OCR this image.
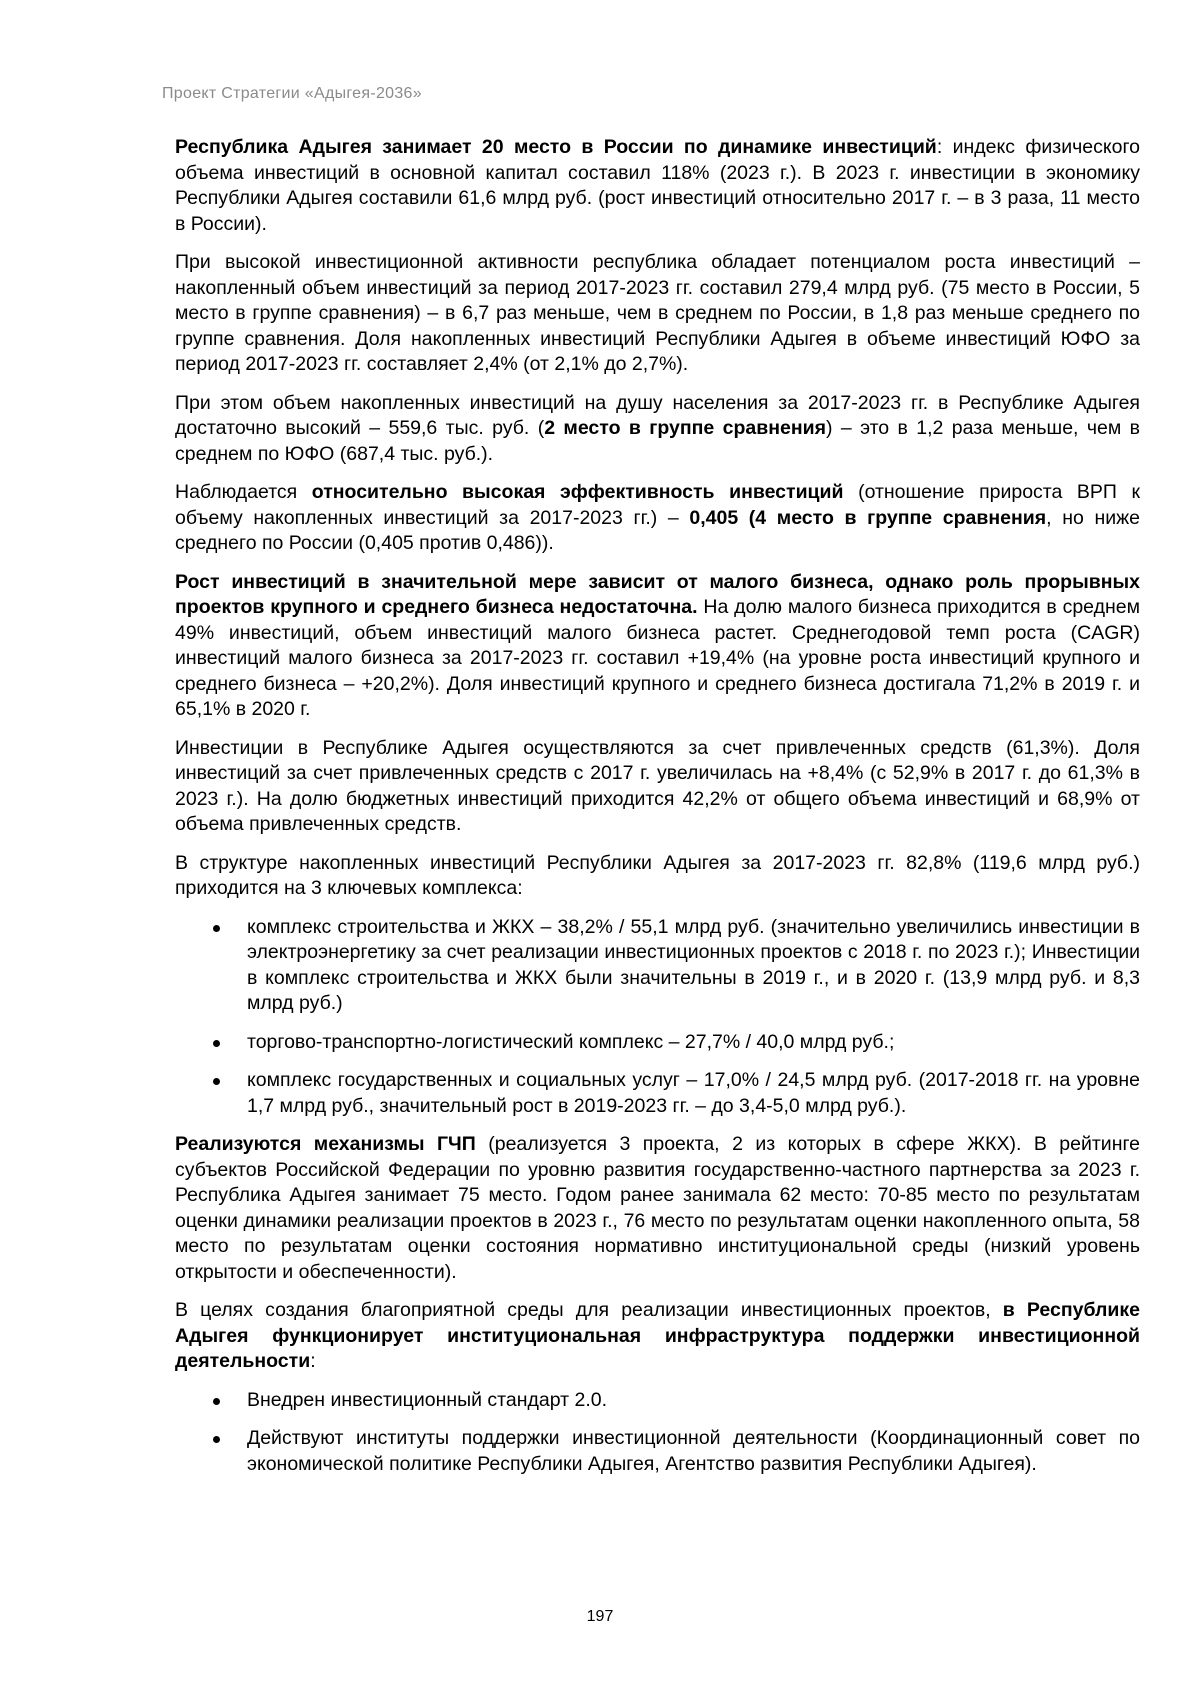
Проект Стратегии «Адыгея-2036»

Республика Адыгея занимает 20 место в России по динамике инвестиций: индекс физического объема инвестиций в основной капитал составил 118% (2023 г.). В 2023 г. инвестиции в экономику Республики Адыгея составили 61,6 млрд руб. (рост инвестиций относительно 2017 г. – в 3 раза, 11 место в России).

При высокой инвестиционной активности республика обладает потенциалом роста инвестиций – накопленный объем инвестиций за период 2017-2023 гг. составил 279,4 млрд руб. (75 место в России, 5 место в группе сравнения) – в 6,7 раз меньше, чем в среднем по России, в 1,8 раз меньше среднего по группе сравнения. Доля накопленных инвестиций Республики Адыгея в объеме инвестиций ЮФО за период 2017-2023 гг. составляет 2,4% (от 2,1% до 2,7%).

При этом объем накопленных инвестиций на душу населения за 2017-2023 гг. в Республике Адыгея достаточно высокий – 559,6 тыс. руб. (2 место в группе сравнения) – это в 1,2 раза меньше, чем в среднем по ЮФО (687,4 тыс. руб.).

Наблюдается относительно высокая эффективность инвестиций (отношение прироста ВРП к объему накопленных инвестиций за 2017-2023 гг.) – 0,405 (4 место в группе сравнения, но ниже среднего по России (0,405 против 0,486)).

Рост инвестиций в значительной мере зависит от малого бизнеса, однако роль прорывных проектов крупного и среднего бизнеса недостаточна. На долю малого бизнеса приходится в среднем 49% инвестиций, объем инвестиций малого бизнеса растет. Среднегодовой темп роста (CAGR) инвестиций малого бизнеса за 2017-2023 гг. составил +19,4% (на уровне роста инвестиций крупного и среднего бизнеса – +20,2%). Доля инвестиций крупного и среднего бизнеса достигала 71,2% в 2019 г. и 65,1% в 2020 г.

Инвестиции в Республике Адыгея осуществляются за счет привлеченных средств (61,3%). Доля инвестиций за счет привлеченных средств с 2017 г. увеличилась на +8,4% (с 52,9% в 2017 г. до 61,3% в 2023 г.). На долю бюджетных инвестиций приходится 42,2% от общего объема инвестиций и 68,9% от объема привлеченных средств.

В структуре накопленных инвестиций Республики Адыгея за 2017-2023 гг. 82,8% (119,6 млрд руб.) приходится на 3 ключевых комплекса:

комплекс строительства и ЖКХ – 38,2% / 55,1 млрд руб. (значительно увеличились инвестиции в электроэнергетику за счет реализации инвестиционных проектов с 2018 г. по 2023 г.); Инвестиции в комплекс строительства и ЖКХ были значительны в 2019 г., и в 2020 г. (13,9 млрд руб. и 8,3 млрд руб.)
торгово-транспортно-логистический комплекс – 27,7% / 40,0 млрд руб.;
комплекс государственных и социальных услуг – 17,0% / 24,5 млрд руб. (2017-2018 гг. на уровне 1,7 млрд руб., значительный рост в 2019-2023 гг. – до 3,4-5,0 млрд руб.).

Реализуются механизмы ГЧП (реализуется 3 проекта, 2 из которых в сфере ЖКХ). В рейтинге субъектов Российской Федерации по уровню развития государственно-частного партнерства за 2023 г. Республика Адыгея занимает 75 место. Годом ранее занимала 62 место: 70-85 место по результатам оценки динамики реализации проектов в 2023 г., 76 место по результатам оценки накопленного опыта, 58 место по результатам оценки состояния нормативно институциональной среды (низкий уровень открытости и обеспеченности).

В целях создания благоприятной среды для реализации инвестиционных проектов, в Республике Адыгея функционирует институциональная инфраструктура поддержки инвестиционной деятельности:

Внедрен инвестиционный стандарт 2.0.
Действуют институты поддержки инвестиционной деятельности (Координационный совет по экономической политике Республики Адыгея, Агентство развития Республики Адыгея).
197
